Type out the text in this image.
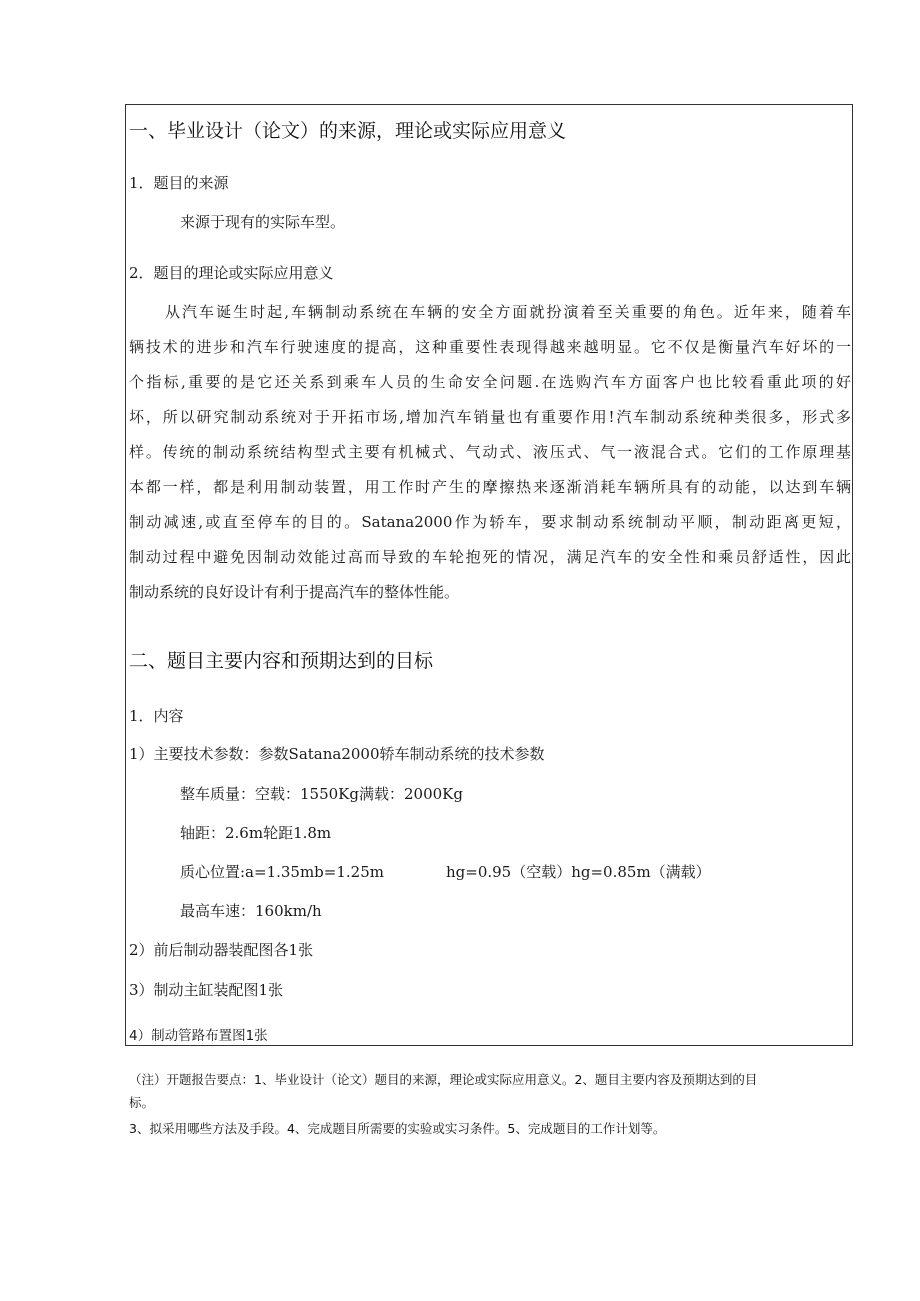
一、毕业设计（论文）的来源，理论或实际应用意义

1．题目的来源

来源于现有的实际车型。

2．题目的理论或实际应用意义

从汽车诞生时起,车辆制动系统在车辆的安全方面就扮演着至关重要的角色。近年来，随着车
辆技术的进步和汽车行驶速度的提高，这种重要性表现得越来越明显。它不仅是衡量汽车好坏的一
个指标,重要的是它还关系到乘车人员的生命安全问题.在选购汽车方面客户也比较看重此项的好
坏，所以研究制动系统对于开拓市场,增加汽车销量也有重要作用!汽车制动系统种类很多，形式多
样。传统的制动系统结构型式主要有机械式、气动式、液压式、气一液混合式。它们的工作原理基
本都一样，都是利用制动装置，用工作时产生的摩擦热来逐渐消耗车辆所具有的动能，以达到车辆
制动减速,或直至停车的目的。Satana2000作为轿车，要求制动系统制动平顺，制动距离更短，
制动过程中避免因制动效能过高而导致的车轮抱死的情况，满足汽车的安全性和乘员舒适性，因此
制动系统的良好设计有利于提高汽车的整体性能。

二、题目主要内容和预期达到的目标

1．内容

1）主要技术参数：参数Satana2000轿车制动系统的技术参数

整车质量：空载：1550Kg满载：2000Kg

轴距：2.6m轮距1.8m

质心位置:a=1.35mb=1.25m	hg=0.95（空载）hg=0.85m（满载）

最高车速：160km/h

2）前后制动器装配图各1张

3）制动主缸装配图1张

4）制动管路布置图1张

（注）开题报告要点：1、毕业设计（论文）题目的来源，理论或实际应用意义。2、题目主要内容及预期达到的目

标。

3、拟采用哪些方法及手段。4、完成题目所需要的实验或实习条件。5、完成题目的工作计划等。
